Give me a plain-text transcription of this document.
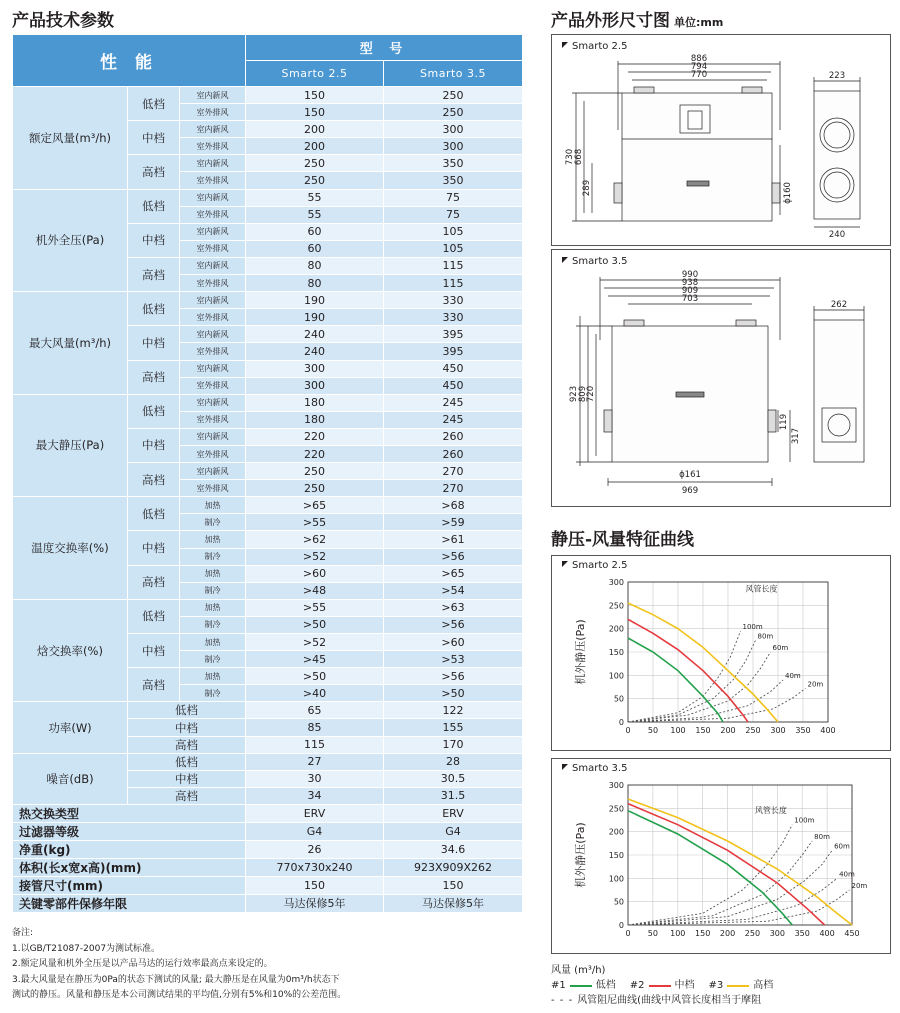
产品技术参数	产品外形尺寸图 单位:mm
静压-风量特征曲线
性 能			型 号	
			Smarto 2.5	Smarto 3.5
额定风量(m³/h)	低档	室内新风	150	250
		室外排风	150	250
	中档	室内新风	200	300
		室外排风	200	300
	高档	室内新风	250	350
		室外排风	250	350
机外全压(Pa)	低档	室内新风	55	75
		室外排风	55	75
	中档	室内新风	60	105
		室外排风	60	105
	高档	室内新风	80	115
		室外排风	80	115
最大风量(m³/h)	低档	室内新风	190	330
		室外排风	190	330
	中档	室内新风	240	395
		室外排风	240	395
	高档	室内新风	300	450
		室外排风	300	450
最大静压(Pa)	低档	室内新风	180	245
		室外排风	180	245
	中档	室内新风	220	260
		室外排风	220	260
	高档	室内新风	250	270
		室外排风	250	270
温度交换率(%)	低档	加热	>65	>68
		制冷	>55	>59
	中档	加热	>62	>61
		制冷	>52	>56
	高档	加热	>60	>65
		制冷	>48	>54
焓交换率(%)	低档	加热	>55	>63
		制冷	>50	>56
	中档	加热	>52	>60
		制冷	>45	>53
	高档	加热	>50	>56
		制冷	>40	>50
功率(W)	低档		65	122
	中档		85	155
	高档		115	170
噪音(dB)	低档		27	28
	中档		30	30.5
	高档		34	31.5
热交换类型			ERV	ERV
过滤器等级			G4	G4
净重(kg)			26	34.6
体积(长x宽x高)(mm)			770x730x240	923X909X262
接管尺寸(mm)			150	150
关键零部件保修年限			马达保修5年	马达保修5年
备注:
1.以GB/T21087-2007为测试标准。
2.额定风量和机外全压是以产品马达的运行效率最高点来设定的。
3.最大风量是在静压为0Pa的状态下测试的风量; 最大静压是在风量为0m³/h状态下
测试的静压。风量和静压是本公司测试结果的平均值,分别有5%和10%的公差范围。
Smarto 2.5
886
794
770
730 668
289	ϕ160
223
240
Smarto 3.5
990
938
909
703
923 809
720
119
317
ϕ161
969
262
Smarto 2.5
0
50
100
150
200
250
300
0 50 100 150 200 250 300 350 400
机外静压(Pa)	100m
80m
60m
40m
20m
风管长度
Smarto 3.5
0
50
100
150
200
250
300
0 50 100 150 200 250 300 350 400 450
机外静压(Pa)
100m
80m
60m
40m
20m
风管长度
风量 (m³/h)
#1	低档 #2	中档 #3	高档
- - - 风管阻尼曲线(曲线中风管长度相当于摩阻
